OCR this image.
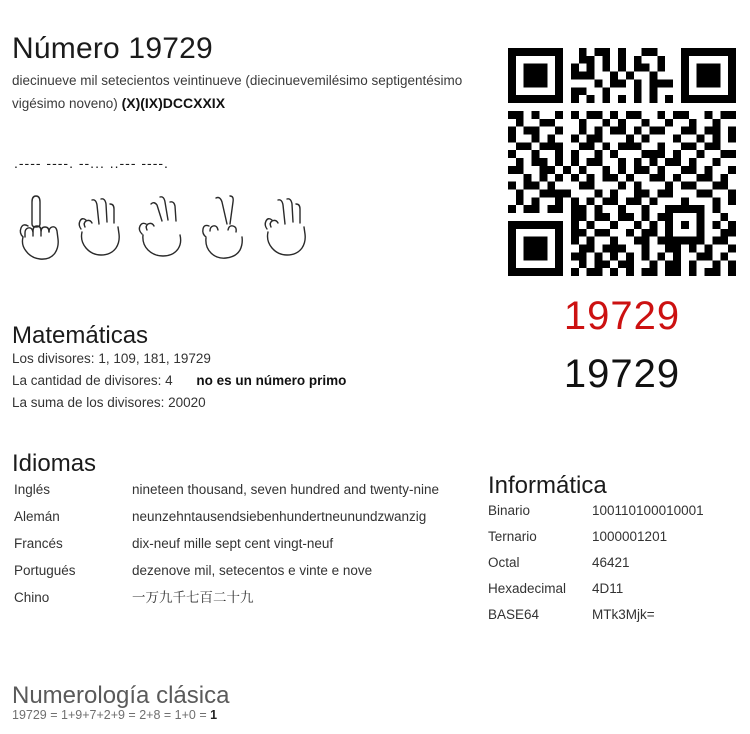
Número 19729
diecinueve mil setecientos veintinueve (diecinuevemilésimo septigentésimo vigésimo noveno) (X)(IX)DCCXXIX
.---- ----. --... ..--- ----.
Matemáticas
Los divisores: 1, 109, 181, 19729
La cantidad de divisores: 4 no es un número primo
La suma de los divisores: 20020
Idiomas
Inglés	nineteen thousand, seven hundred and twenty-nine
Alemán	neunzehntausendsiebenhundertneunundzwanzig
Francés	dix-neuf mille sept cent vingt-neuf
Portugués	dezenove mil, setecentos e vinte e nove
Chino	一万九千七百二十九
Numerología clásica
19729 = 1+9+7+2+9 = 2+8 = 1+0 = 1
19729
19729
Informática
Binario	100110100010001
Ternario	1000001201
Octal	46421
Hexadecimal	4D11
BASE64	MTk3Mjk=
